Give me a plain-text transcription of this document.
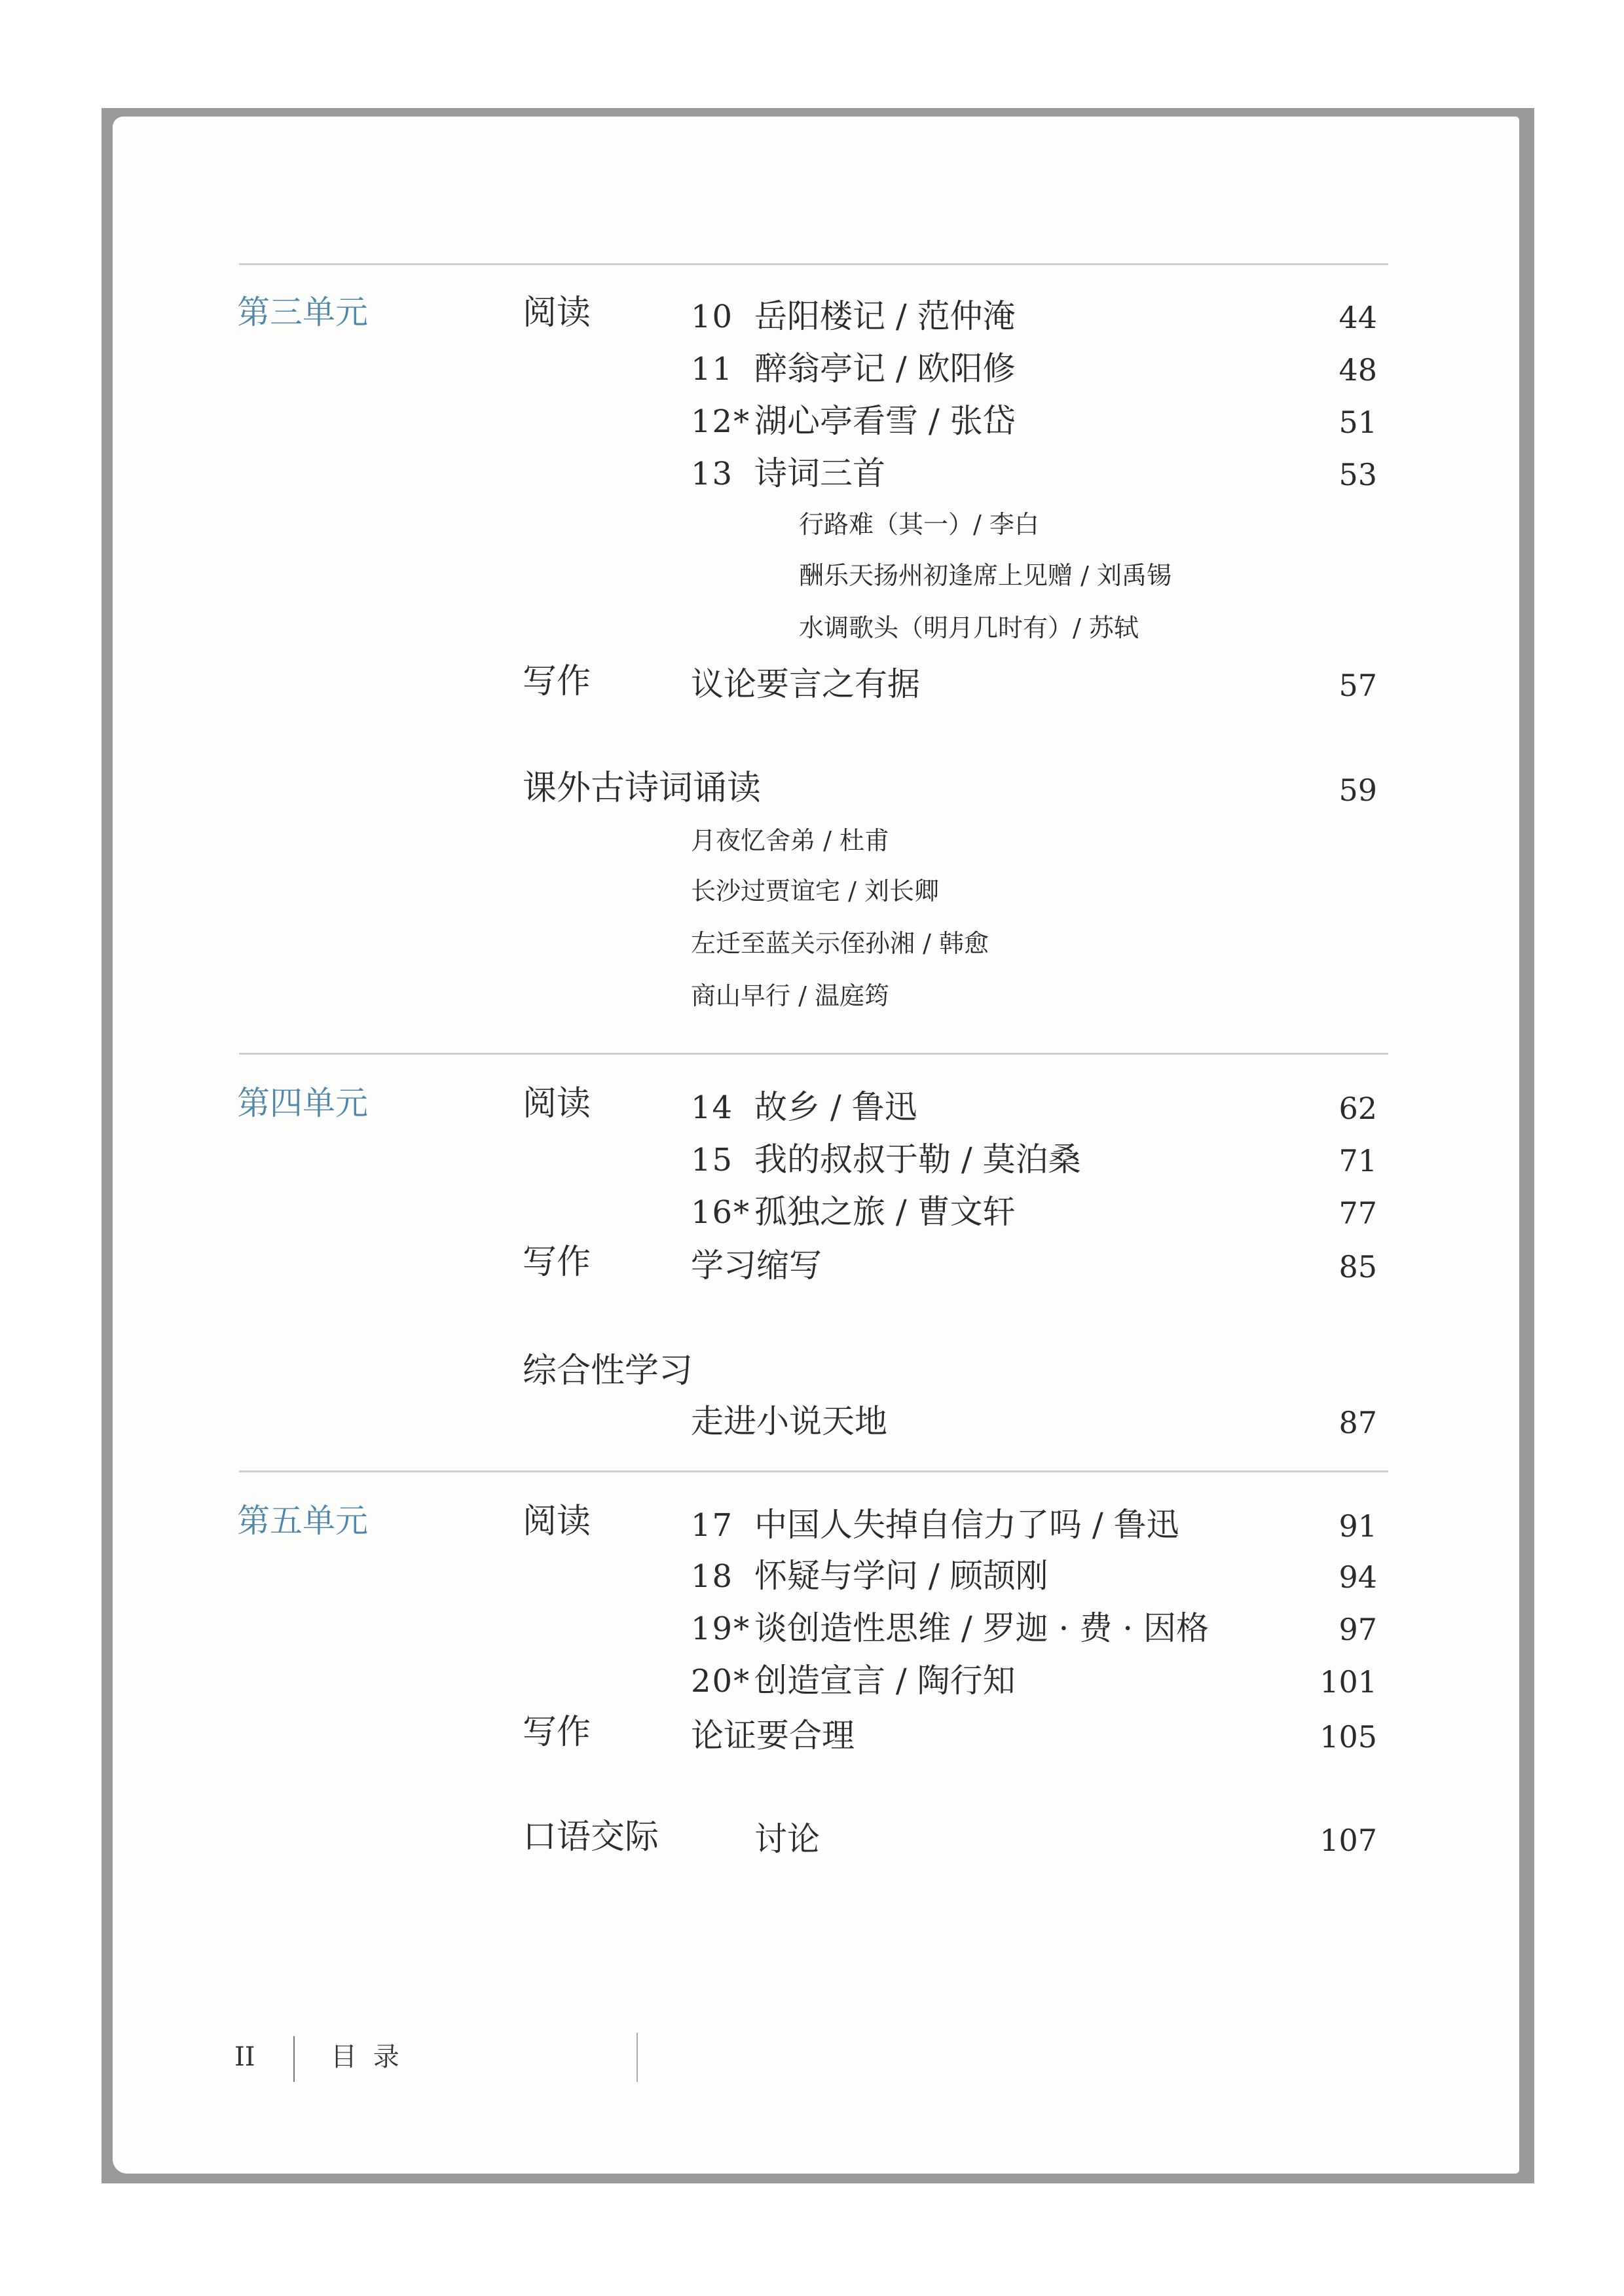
第三单元	阅读	10 岳阳楼记 / 范仲淹	44
11 醉翁亭记 / 欧阳修	48
12* 湖心亭看雪 / 张岱	51
13 诗词三首	53
行路难（其一）/ 李白
酬乐天扬州初逢席上见赠 / 刘禹锡
水调歌头（明月几时有）/ 苏轼
写作	议论要言之有据	57
课外古诗词诵读	59
月夜忆舍弟 / 杜甫
长沙过贾谊宅 / 刘长卿
左迁至蓝关示侄孙湘 / 韩愈
商山早行 / 温庭筠
第四单元	阅读	14 故乡 / 鲁迅	62
15 我的叔叔于勒 / 莫泊桑	71
16* 孤独之旅 / 曹文轩	77
写作	学习缩写	85
综合性学习
走进小说天地	87
第五单元	阅读	17 中国人失掉自信力了吗 / 鲁迅	91
18 怀疑与学问 / 顾颉刚	94
19* 谈创造性思维 / 罗迦 · 费 · 因格	97
20* 创造宣言 / 陶行知	101
写作	论证要合理	105
口语交际	讨论	107
II	目 录
